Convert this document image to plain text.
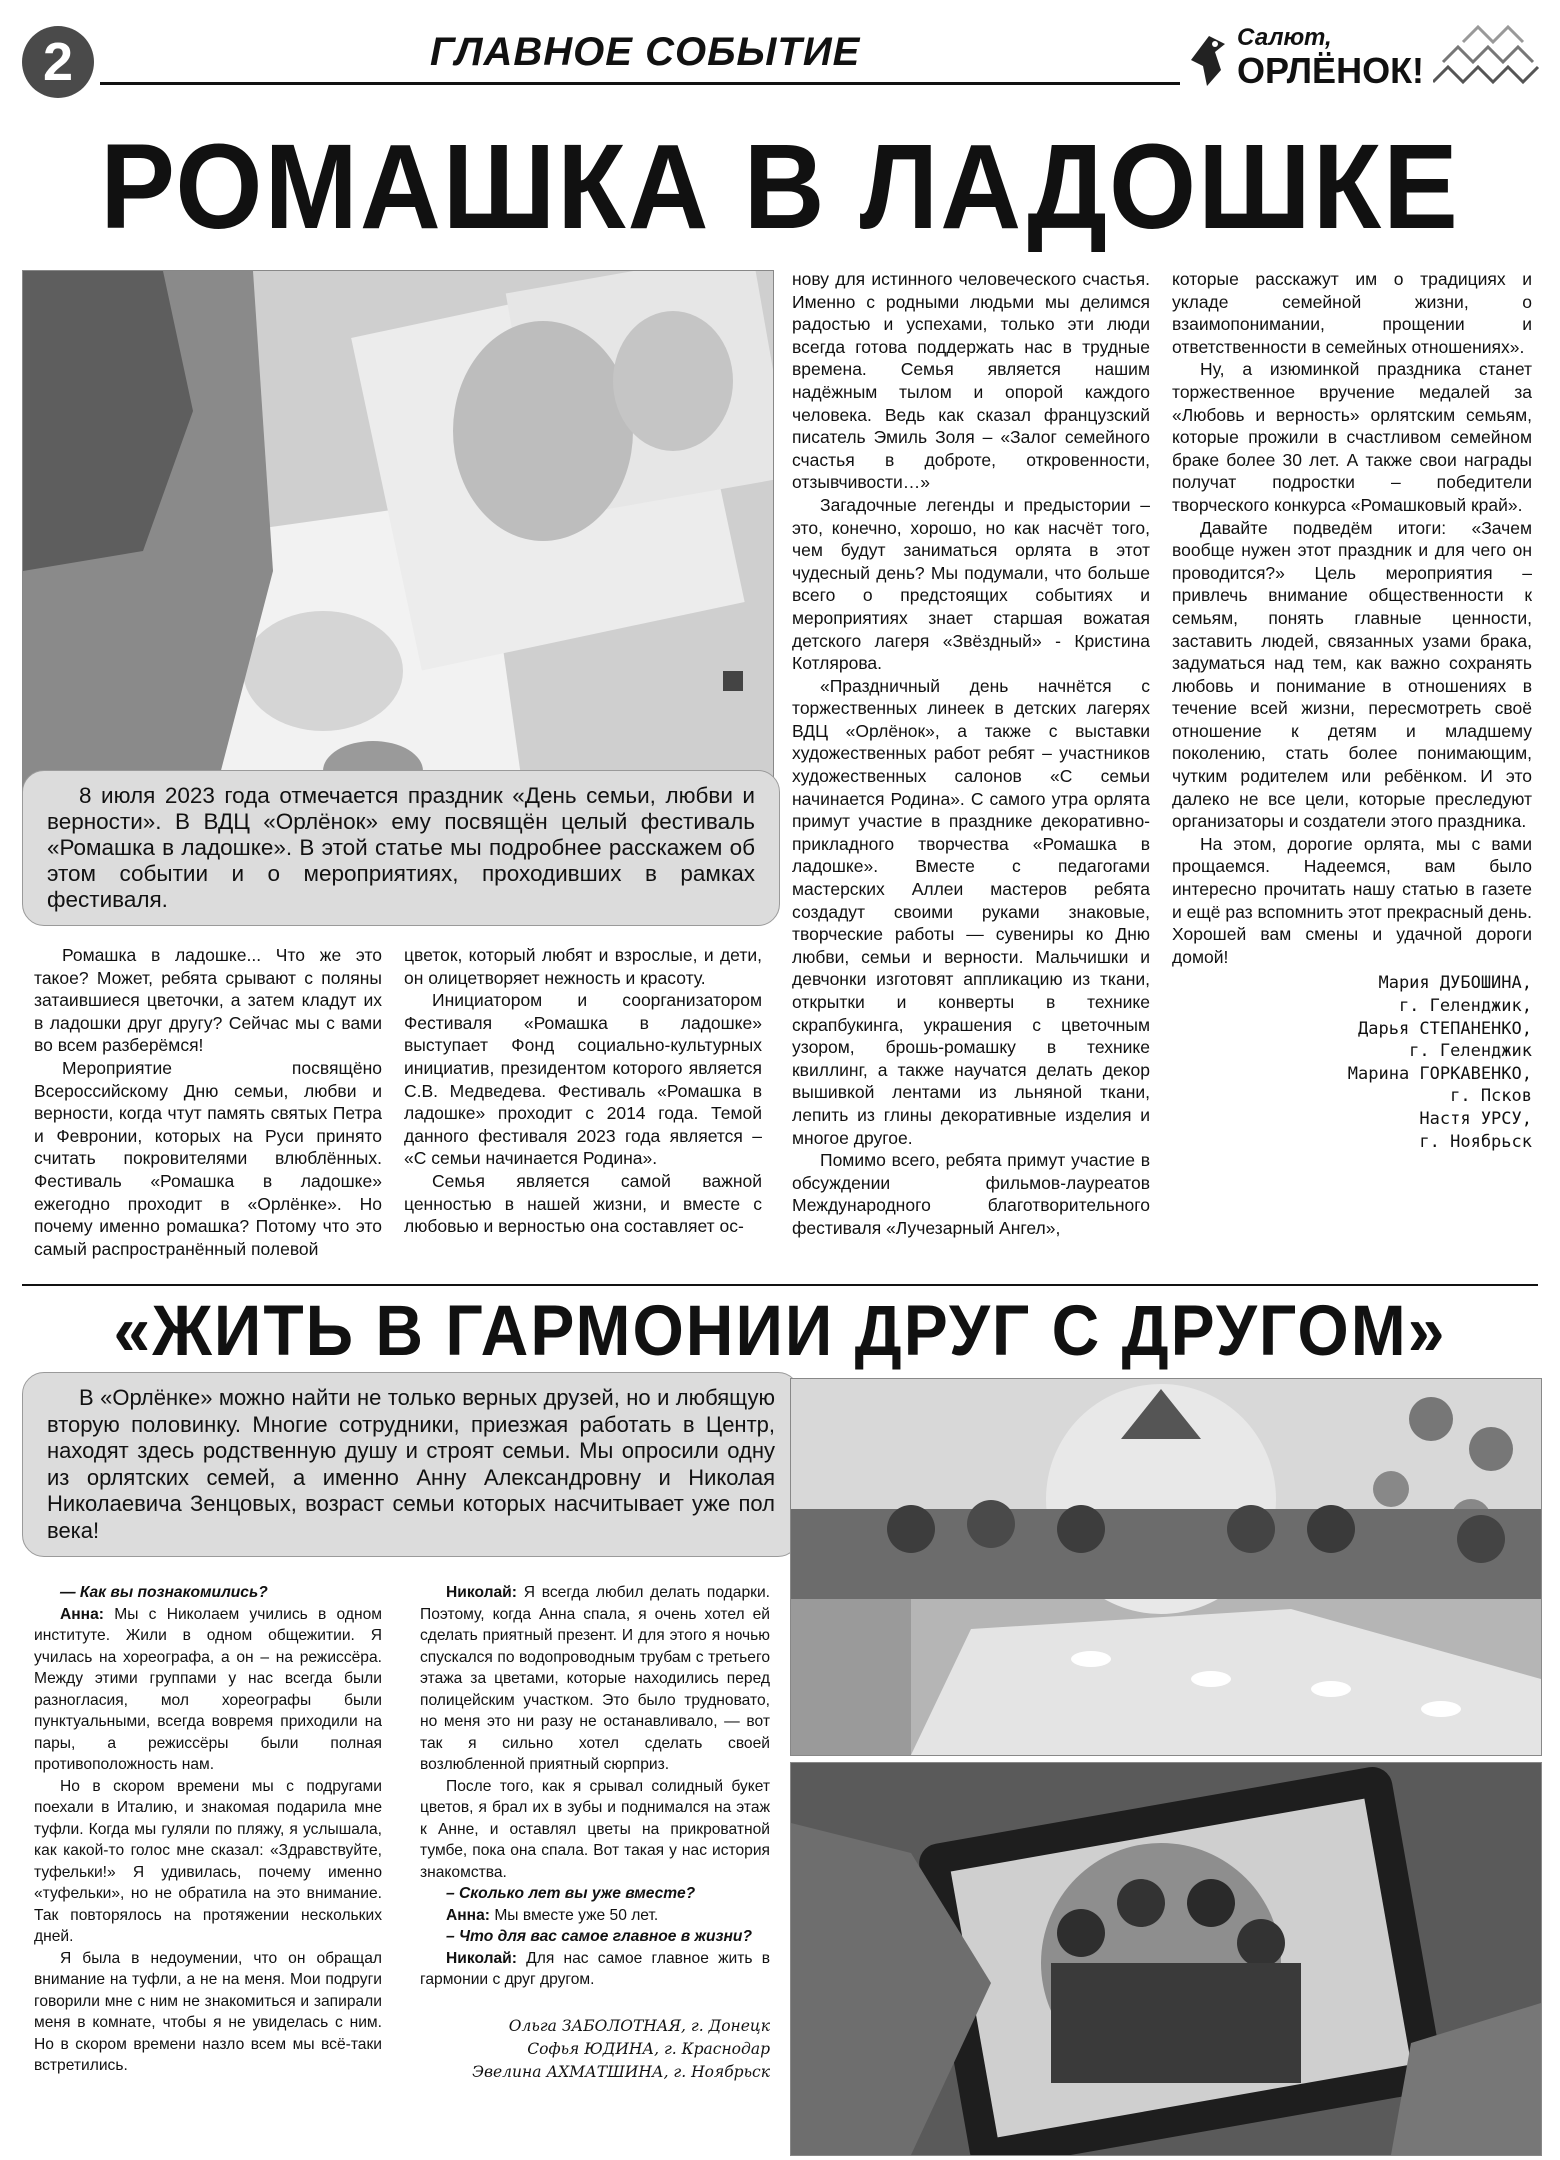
2	ГЛАВНОЕ СОБЫТИЕ	Салют,
ОРЛЁНОК!
РОМАШКА В ЛАДОШКЕ

8 июля 2023 года отмечается праздник «День семьи, любви и верности». В ВДЦ «Орлёнок» ему посвящён целый фестиваль «Ромашка в ладошке». В этой статье мы подробнее расскажем об этом событии и о мероприятиях, проходивших в рамках фестиваля.

Ромашка в ладошке... Что же это такое? Может, ребята срывают с поляны затаившиеся цветочки, а затем кладут их в ладошки друг другу? Сейчас мы с вами во всем разберёмся!

Мероприятие посвящёно Всероссийскому Дню семьи, любви и верности, когда чтут память святых Петра и Февронии, которых на Руси принято считать покровителями влюблённых. Фестиваль «Ромашка в ладошке» ежегодно проходит в «Орлёнке». Но почему именно ромашка? Потому что это самый распространённый полевой

цветок, который любят и взрослые, и дети, он олицетворяет нежность и красоту.

Инициатором и соорганизатором Фестиваля «Ромашка в ладошке» выступает Фонд социально-культурных инициатив, президентом которого является С.В. Медведева. Фестиваль «Ромашка в ладошке» проходит с 2014 года. Темой данного фестиваля 2023 года является – «С семьи начинается Родина».

Семья является самой важной ценностью в нашей жизни, и вместе с любовью и верностью она составляет ос-

нову для истинного человеческого счастья. Именно с родными людьми мы делимся радостью и успехами, только эти люди всегда готова поддержать нас в трудные времена. Семья является нашим надёжным тылом и опорой каждого человека. Ведь как сказал французский писатель Эмиль Золя – «Залог семейного счастья в доброте, откровенности, отзывчивости…»

Загадочные легенды и предыстории – это, конечно, хорошо, но как насчёт того, чем будут заниматься орлята в этот чудесный день? Мы подумали, что больше всего о предстоящих событиях и мероприятиях знает старшая вожатая детского лагеря «Звёздный» - Кристина Котлярова.

«Праздничный день начнётся с торжественных линеек в детских лагерях ВДЦ «Орлёнок», а также с выставки художественных работ ребят – участников художественных салонов «С семьи начинается Родина». С самого утра орлята примут участие в празднике декоративно-прикладного творчества «Ромашка в ладошке». Вместе с педагогами мастерских Аллеи мастеров ребята создадут своими руками знаковые, творческие работы — сувениры ко Дню любви, семьи и верности. Мальчишки и девчонки изготовят аппликацию из ткани, открытки и конверты в технике скрапбукинга, украшения с цветочным узором, брошь-ромашку в технике квиллинг, а также научатся делать декор вышивкой лентами из льняной ткани, лепить из глины декоративные изделия и многое другое.

Помимо всего, ребята примут участие в обсуждении фильмов-лауреатов Международного благотворительного фестиваля «Лучезарный Ангел»,

которые расскажут им о традициях и укладе семейной жизни, о взаимопонимании, прощении и ответственности в семейных отношениях».

Ну, а изюминкой праздника станет торжественное вручение медалей за «Любовь и верность» орлятским семьям, которые прожили в счастливом семейном браке более 30 лет. А также свои награды получат подростки – победители творческого конкурса «Ромашковый край».

Давайте подведём итоги: «Зачем вообще нужен этот праздник и для чего он проводится?» Цель мероприятия – привлечь внимание общественности к семьям, понять главные ценности, заставить людей, связанных узами брака, задуматься над тем, как важно сохранять любовь и понимание в отношениях в течение всей жизни, пересмотреть своё отношение к детям и младшему поколению, стать более понимающим, чутким родителем или ребёнком. И это далеко не все цели, которые преследуют организаторы и создатели этого праздника.

На этом, дорогие орлята, мы с вами прощаемся. Надеемся, вам было интересно прочитать нашу статью в газете и ещё раз вспомнить этот прекрасный день. Хорошей вам смены и удачной дороги домой!

Мария ДУБОШИНА,

г. Геленджик,

Дарья СТЕПАНЕНКО,

г. Геленджик

Марина ГОРКАВЕНКО,

г. Псков

Настя УРСУ,

г. Ноябрьск

«ЖИТЬ В ГАРМОНИИ ДРУГ С ДРУГОМ»

В «Орлёнке» можно найти не только верных друзей, но и любящую вторую половинку. Многие сотрудники, приезжая работать в Центр, находят здесь родственную душу и строят семьи. Мы опросили одну из орлятских семей, а именно Анну Александровну и Николая Николаевича Зенцовых, возраст семьи которых насчитывает уже пол века!

— Как вы познакомились?

Анна: Мы с Николаем учились в одном институте. Жили в одном общежитии. Я училась на хореографа, а он – на режиссёра. Между этими группами у нас всегда были разногласия, мол хореографы были пунктуальными, всегда вовремя приходили на пары, а режиссёры были полная противоположность нам.

Но в скором времени мы с подругами поехали в Италию, и знакомая подарила мне туфли. Когда мы гуляли по пляжу, я услышала, как какой-то голос мне сказал: «Здравствуйте, туфельки!» Я удивилась, почему именно «туфельки», но не обратила на это внимание. Так повторялось на протяжении нескольких дней.

Я была в недоумении, что он обращал внимание на туфли, а не на меня. Мои подруги говорили мне с ним не знакомиться и запирали меня в комнате, чтобы я не увиделась с ним. Но в скором времени назло всем мы всё-таки встретились.

Николай: Я всегда любил делать подарки. Поэтому, когда Анна спала, я очень хотел ей сделать приятный презент. И для этого я ночью спускался по водопроводным трубам с третьего этажа за цветами, которые находились перед полицейским участком. Это было трудновато, но меня это ни разу не останавливало, — вот так я сильно хотел сделать своей возлюбленной приятный сюрприз.

После того, как я срывал солидный букет цветов, я брал их в зубы и поднимался на этаж к Анне, и оставлял цветы на прикроватной тумбе, пока она спала. Вот такая у нас история знакомства.

– Сколько лет вы уже вместе?

Анна: Мы вместе уже 50 лет.

– Что для вас самое главное в жизни?

Николай: Для нас самое главное жить в гармонии с друг другом.

Ольга ЗАБОЛОТНАЯ, г. Донецк

Софья ЮДИНА, г. Краснодар

Эвелина АХМАТШИНА, г. Ноябрьск
